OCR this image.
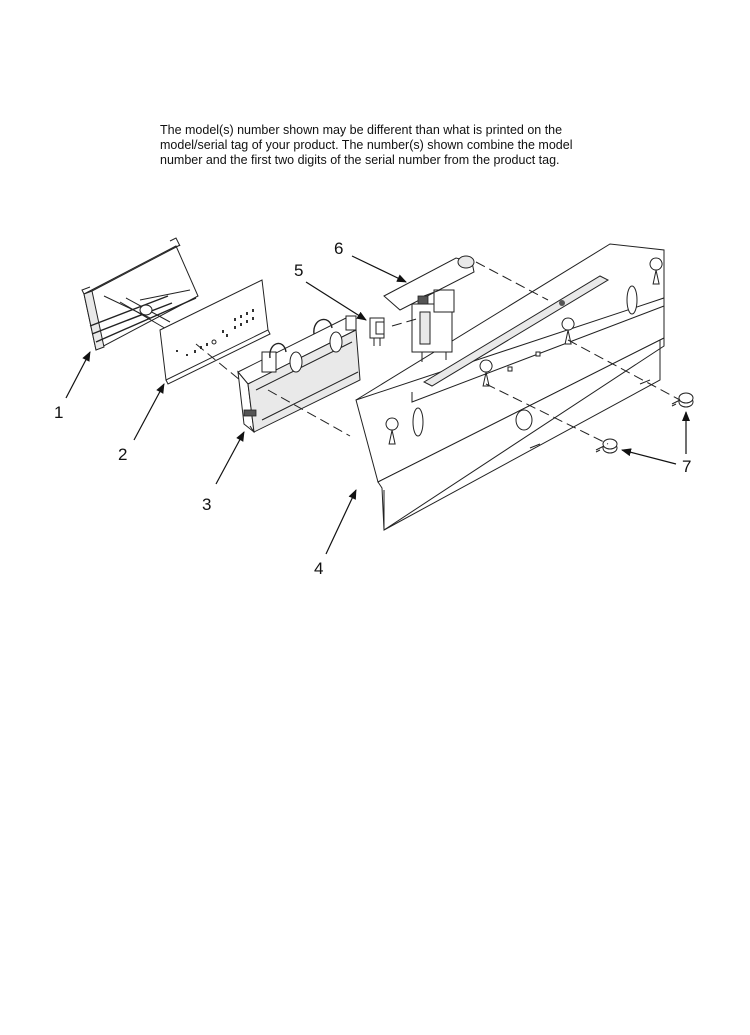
The model(s) number shown may be different than what is printed on the
model/serial tag of your product. The number(s) shown combine the model
number and the first two digits of the serial number from the product tag.
1
2
3
4
5
6
7
